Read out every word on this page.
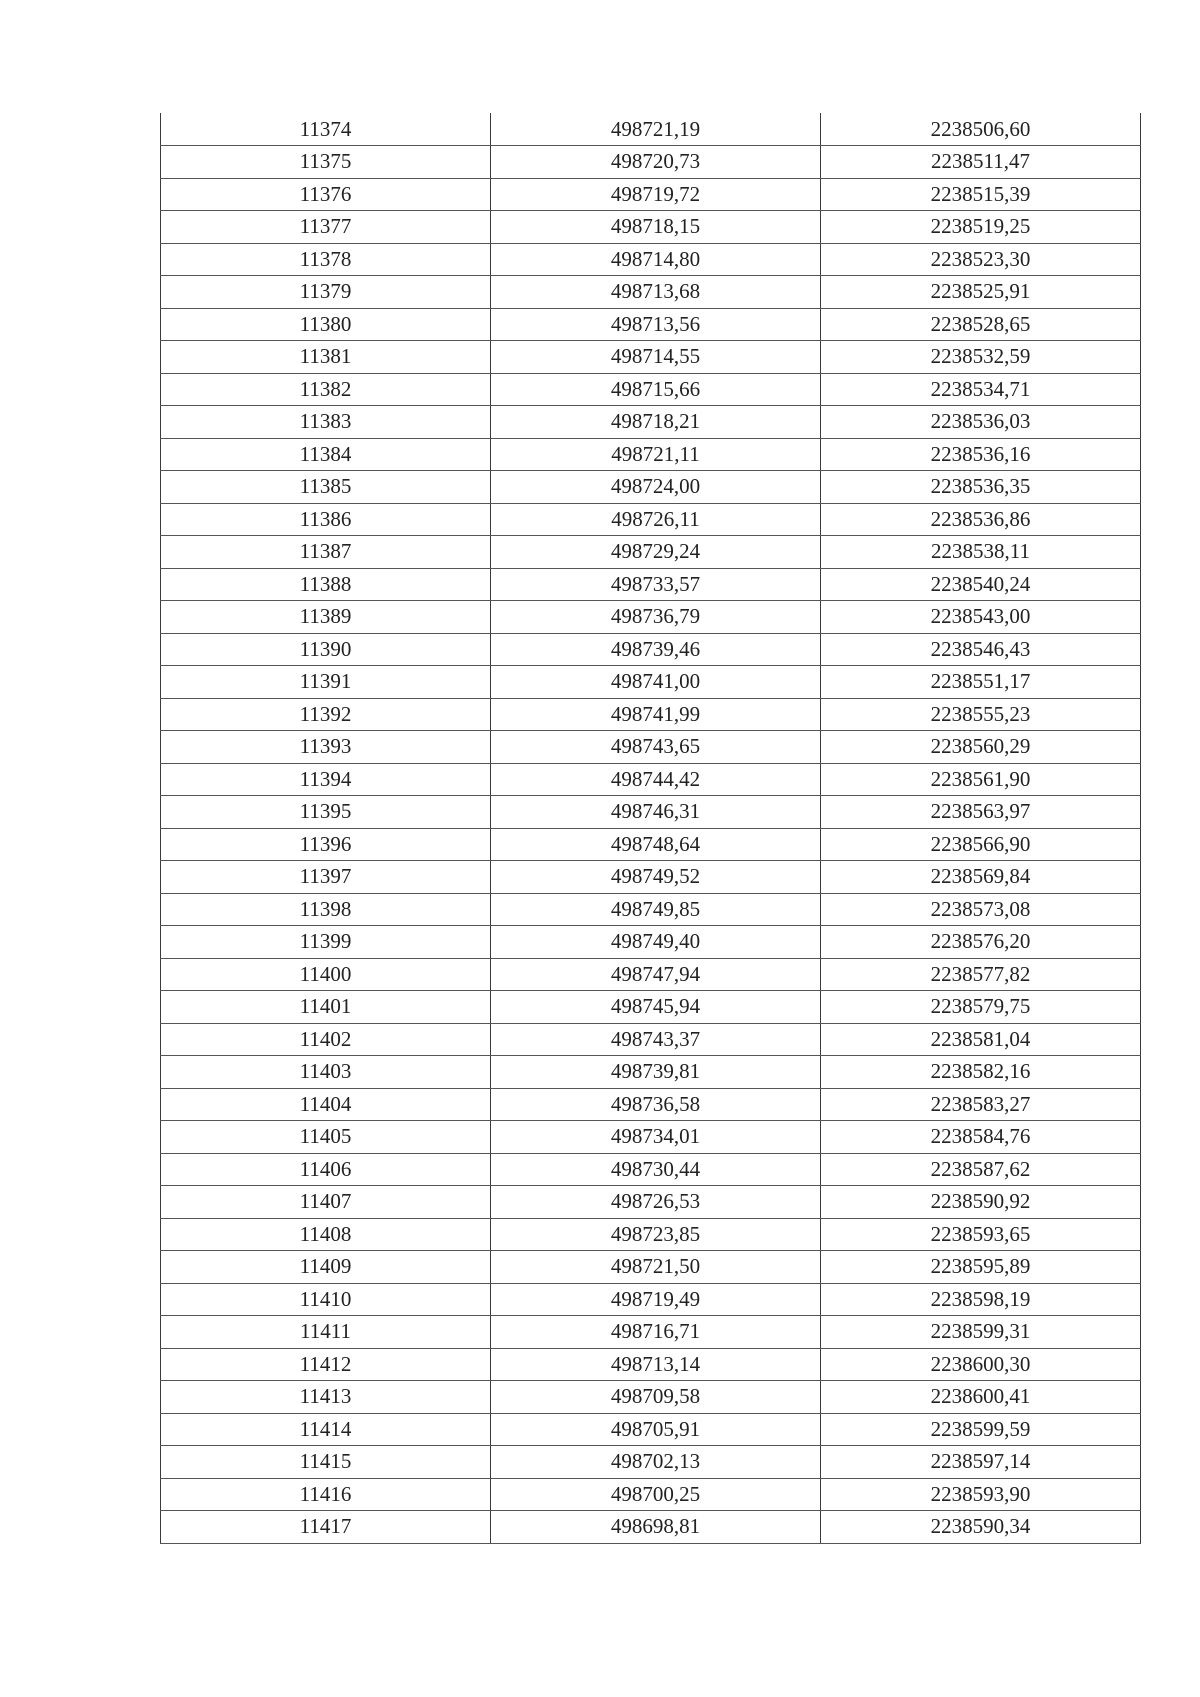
11374	498721,19	2238506,60
11375	498720,73	2238511,47
11376	498719,72	2238515,39
11377	498718,15	2238519,25
11378	498714,80	2238523,30
11379	498713,68	2238525,91
11380	498713,56	2238528,65
11381	498714,55	2238532,59
11382	498715,66	2238534,71
11383	498718,21	2238536,03
11384	498721,11	2238536,16
11385	498724,00	2238536,35
11386	498726,11	2238536,86
11387	498729,24	2238538,11
11388	498733,57	2238540,24
11389	498736,79	2238543,00
11390	498739,46	2238546,43
11391	498741,00	2238551,17
11392	498741,99	2238555,23
11393	498743,65	2238560,29
11394	498744,42	2238561,90
11395	498746,31	2238563,97
11396	498748,64	2238566,90
11397	498749,52	2238569,84
11398	498749,85	2238573,08
11399	498749,40	2238576,20
11400	498747,94	2238577,82
11401	498745,94	2238579,75
11402	498743,37	2238581,04
11403	498739,81	2238582,16
11404	498736,58	2238583,27
11405	498734,01	2238584,76
11406	498730,44	2238587,62
11407	498726,53	2238590,92
11408	498723,85	2238593,65
11409	498721,50	2238595,89
11410	498719,49	2238598,19
11411	498716,71	2238599,31
11412	498713,14	2238600,30
11413	498709,58	2238600,41
11414	498705,91	2238599,59
11415	498702,13	2238597,14
11416	498700,25	2238593,90
11417	498698,81	2238590,34
